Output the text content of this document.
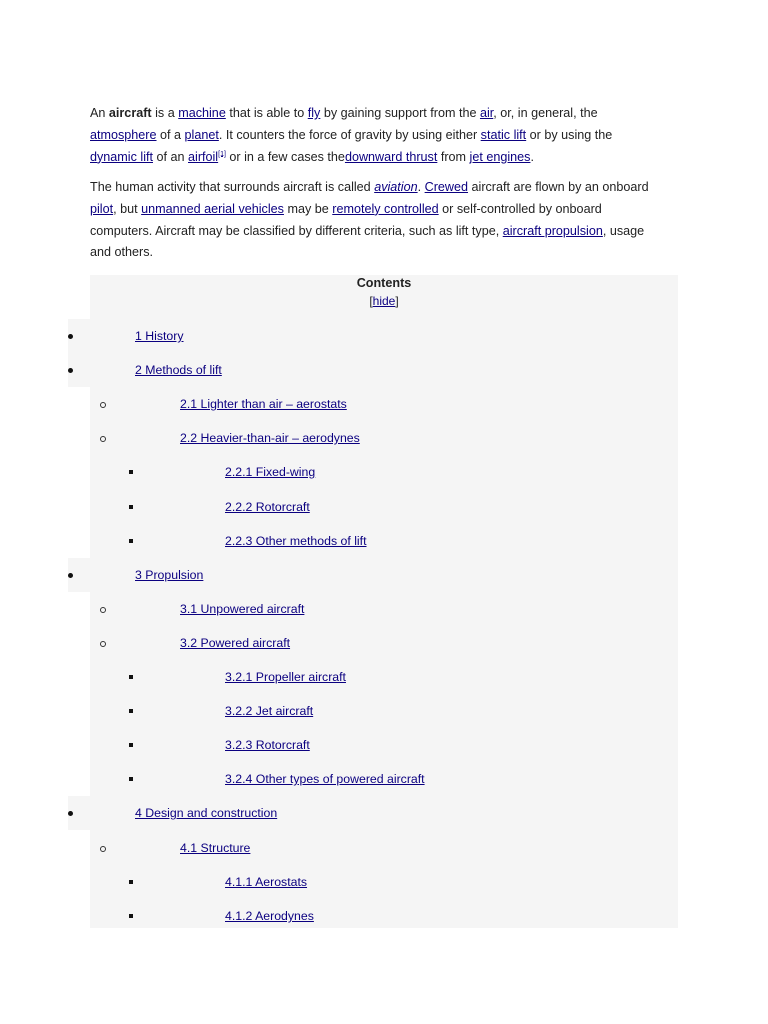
An aircraft is a machine that is able to fly by gaining support from the air, or, in general, the atmosphere of a planet. It counters the force of gravity by using either static lift or by using the dynamic lift of an airfoil[1] or in a few cases thedownward thrust from jet engines.

The human activity that surrounds aircraft is called aviation. Crewed aircraft are flown by an onboard pilot, but unmanned aerial vehicles may be remotely controlled or self-controlled by onboard computers. Aircraft may be classified by different criteria, such as lift type, aircraft propulsion, usage and others.

Contents
[hide]
1 History
2 Methods of lift
2.1 Lighter than air – aerostats
2.2 Heavier-than-air – aerodynes
2.2.1 Fixed-wing
2.2.2 Rotorcraft
2.2.3 Other methods of lift
3 Propulsion
3.1 Unpowered aircraft
3.2 Powered aircraft
3.2.1 Propeller aircraft
3.2.2 Jet aircraft
3.2.3 Rotorcraft
3.2.4 Other types of powered aircraft
4 Design and construction
4.1 Structure
4.1.1 Aerostats
4.1.2 Aerodynes
